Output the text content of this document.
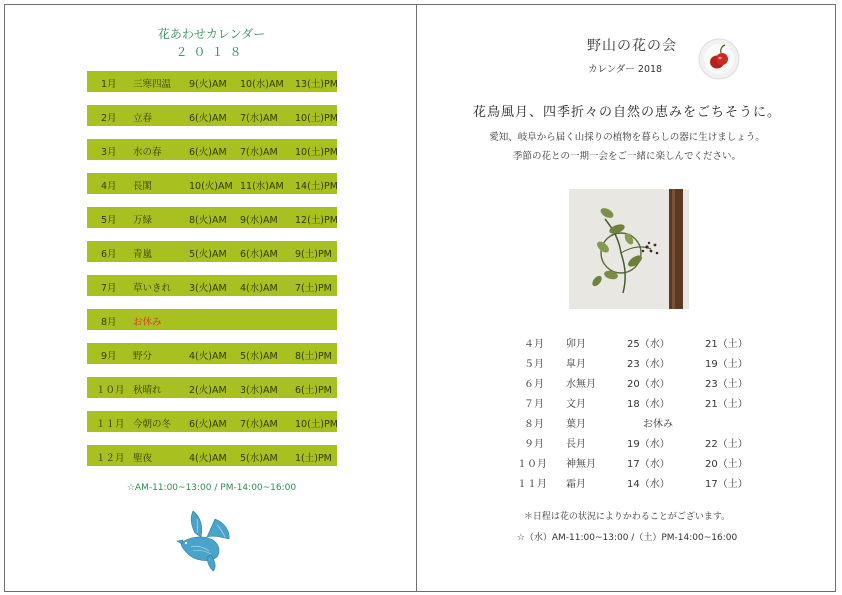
花あわせカレンダー
２０１８
1月 三寒四温 9(火)AM 10(水)AM 13(土)PM
2月 立春	6(火)AM 7(水)AM 10(土)PM
3月 水の春	6(火)AM 7(水)AM 10(土)PM
4月 長閑	10(火)AM 11(水)AM 14(土)PM
5月 万緑	8(火)AM 9(水)AM 12(土)PM
6月 青嵐	5(火)AM 6(水)AM 9(土)PM
7月 草いきれ 3(火)AM 4(水)AM 7(土)PM
8月 お休み
9月 野分	4(火)AM 5(水)AM 8(土)PM
１０月 秋晴れ	2(火)AM 3(水)AM 6(土)PM
１１月 今朝の冬 6(火)AM 7(水)AM 10(土)PM
１２月 聖夜	4(火)AM 5(水)AM 1(土)PM
☆AM-11:00~13:00 / PM-14:00~16:00
野山の花の会
カレンダー 2018
花鳥風月、四季折々の自然の恵みをごちそうに。
愛知、岐阜から届く山採りの植物を暮らしの器に生けましょう。
季節の花との一期一会をご一緒に楽しんでください。
４月 卯月	25（水）	21（土）
５月 皐月	23（水）	19（土）
６月 水無月	20（水）	23（土）
７月 文月	18（水）	21（土）
８月 葉月	お休み
９月 長月	19（水）	22（土）
１０月 神無月	17（水）	20（土）
１１月 霜月	14（水）	17（土）
＊日程は花の状況によりかわることがございます。
☆（水）AM-11:00~13:00 /（土）PM-14:00~16:00
